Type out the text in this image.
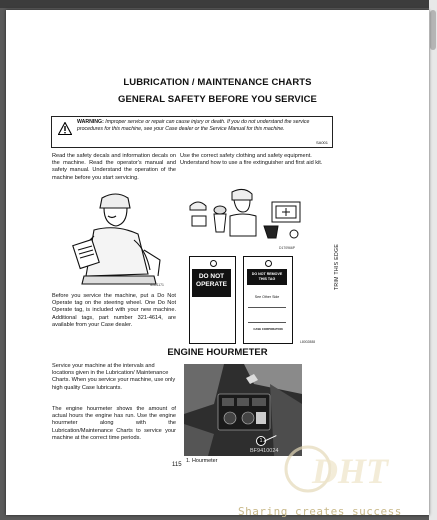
LUBRICATION / MAINTENANCE CHARTS
GENERAL SAFETY BEFORE YOU SERVICE
WARNING: Improper service or repair can cause injury or death. If you do not understand the service procedures for this machine, see your Case dealer or the Service Manual for this machine.
SA001
Read the safety decals and information decals on the machine. Read the operator's manual and safety manual. Understand the operation of the machine before you start servicing.
Use the correct safety clothing and safety equipment. Understand how to use a fire extinguisher and first aid kit.
M401171
D170966P
DO NOT OPERATE
DO NOT REMOVE
THIS TAG
See Other Side
CASE CORPORATION
L8002888
Before you service the machine, put a Do Not Operate tag on the steering wheel. One Do Not Operate tag, is included with your new machine. Additional tags, part number 321-4614, are available from your Case dealer.
TRIM THIS EDGE
ENGINE HOURMETER
Service your machine at the intervals and locations given in the Lubrication/ Maintenance Charts. When you service your machine, use only high quality Case lubricants.
The engine hourmeter shows the amount of actual hours the engine has run. Use the engine hourmeter along with the Lubrication/Maintenance Charts to service your machine at the correct time periods.
1
BF9410024
1. Hourmeter
115	DHT
Sharing creates success
